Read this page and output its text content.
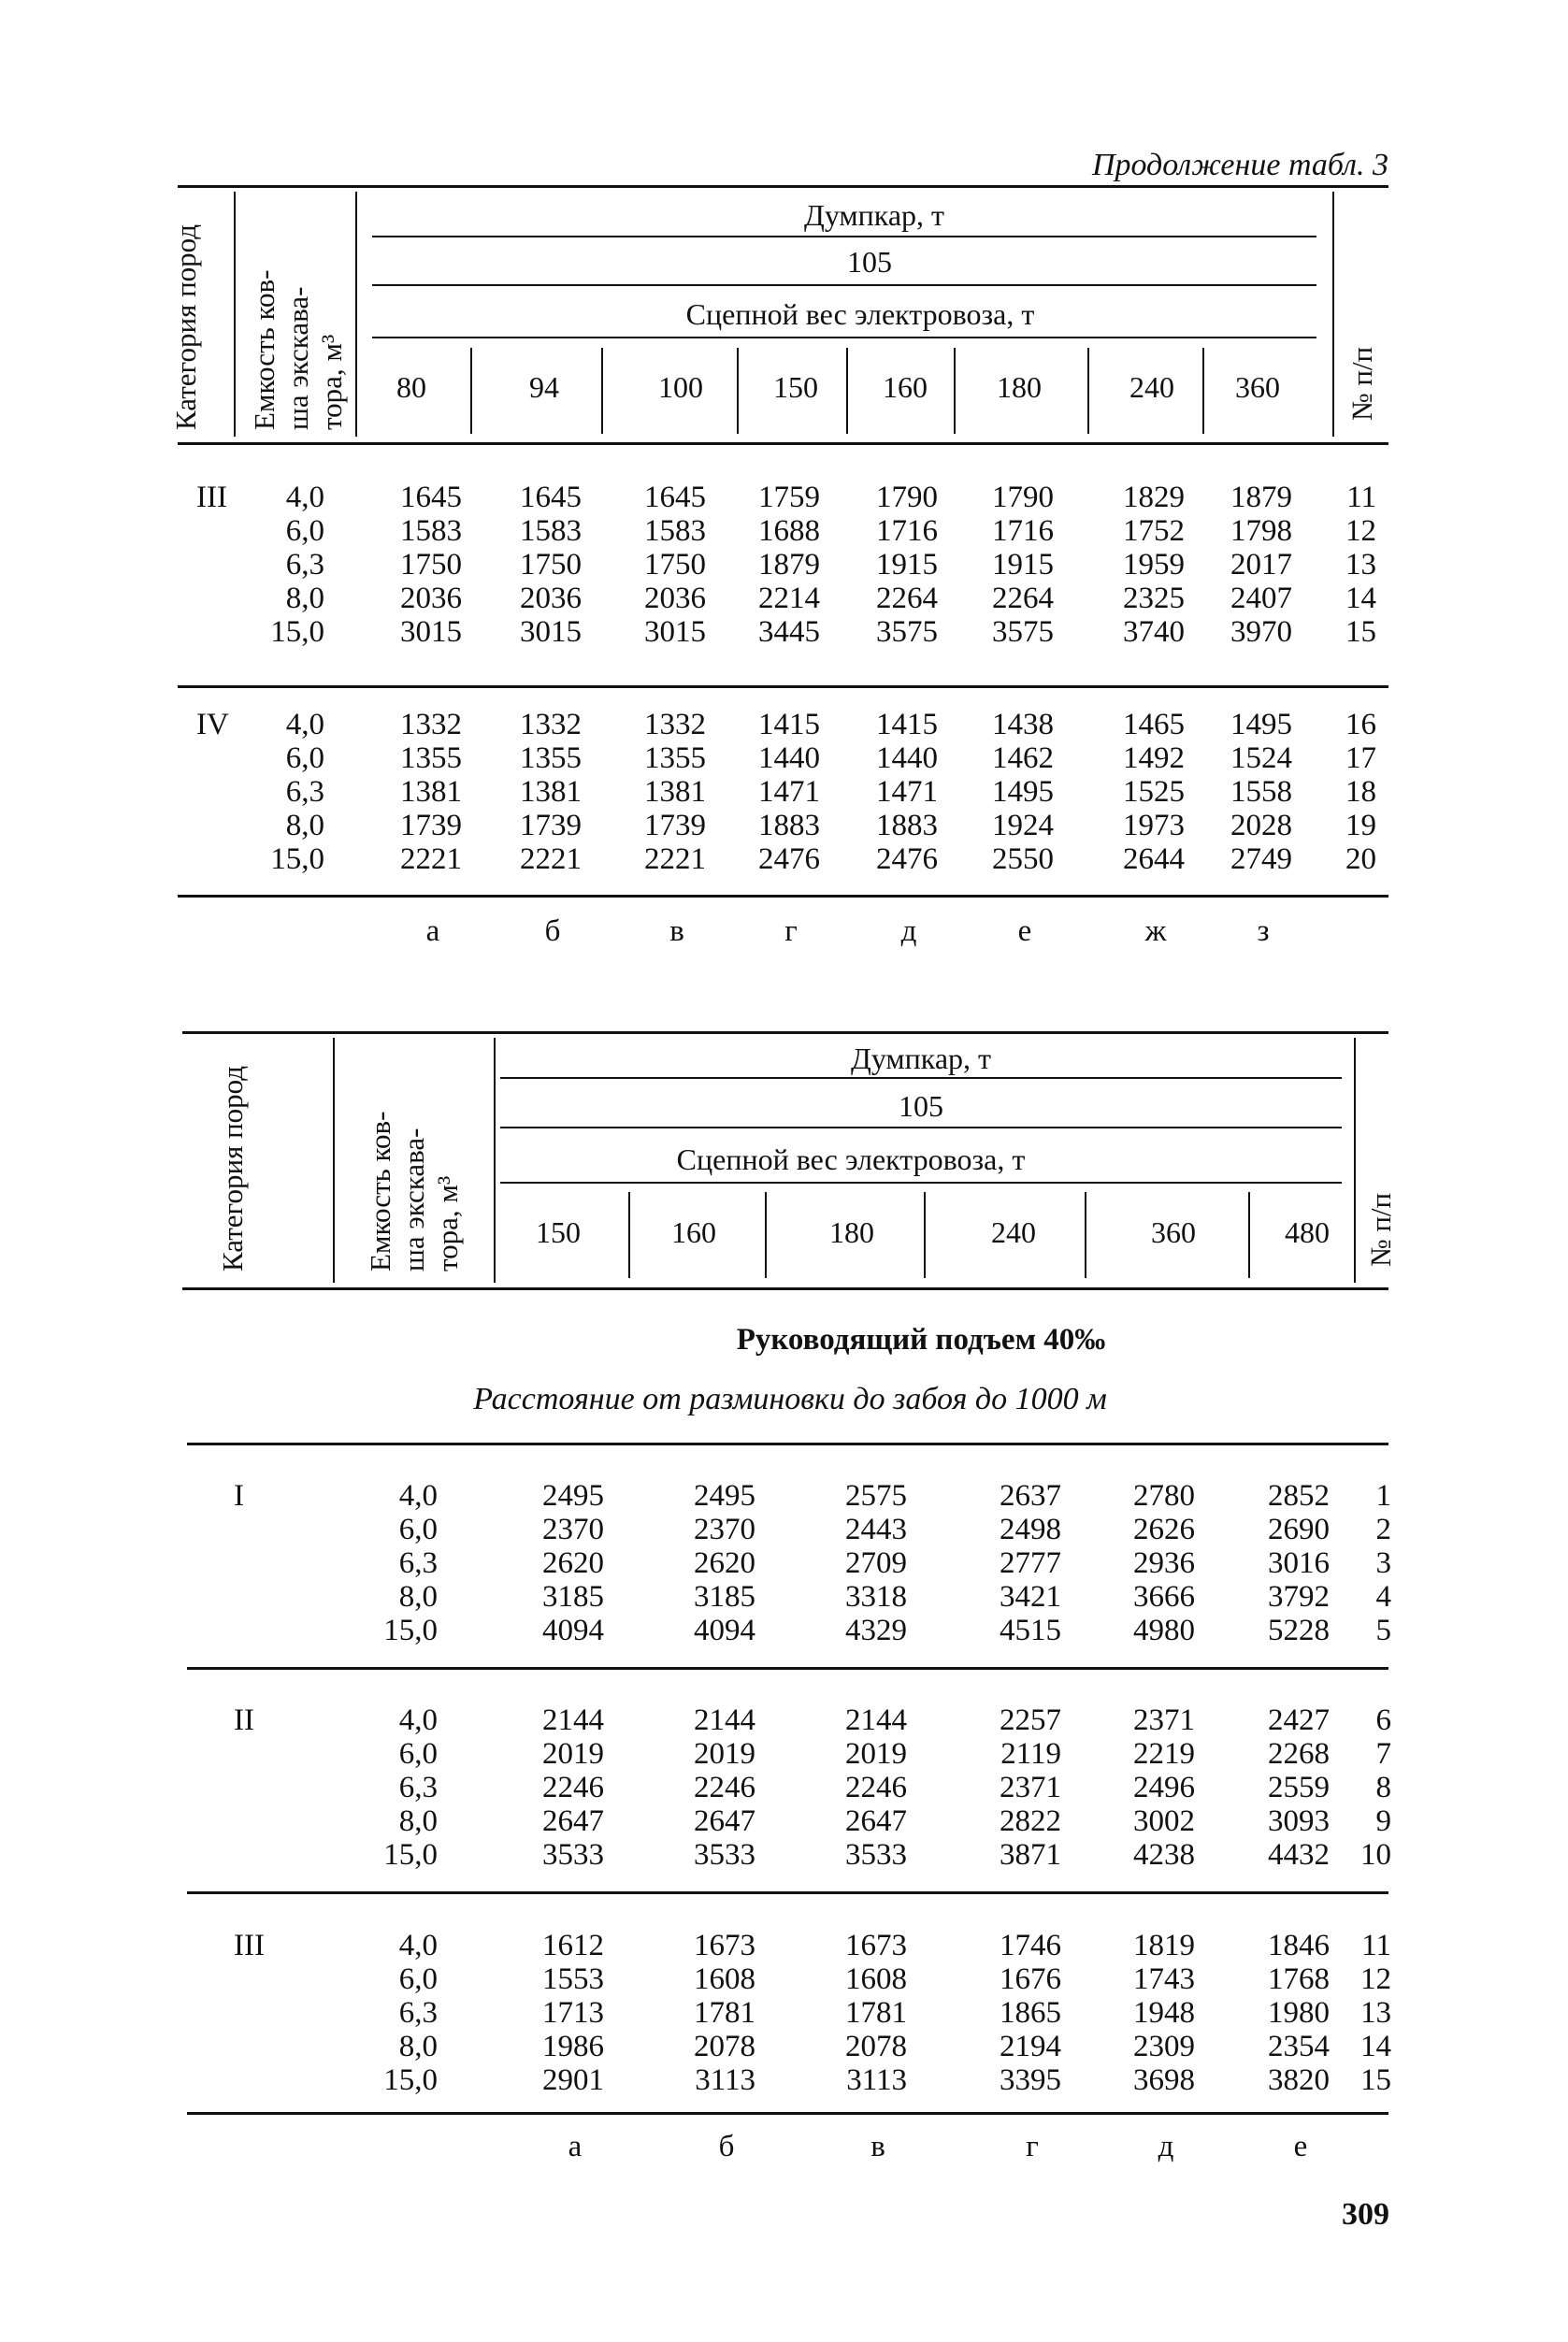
Продолжение табл. 3
Категория пород Емкость ков- ша экскава- тора, м³
Думпкар, т
105
Сцепной вес электровоза, т
80	94	100 150 160 180	240 360 № п/п
III 4,0 1645 1645 1645 1759 1790 1790 1829 1879 11
6,0 1583 1583 1583 1688 1716 1716 1752 1798 12
6,3 1750 1750 1750 1879 1915 1915 1959 2017 13
8,0 2036 2036 2036 2214 2264 2264 2325 2407 14
15,0 3015 3015 3015 3445 3575 3575 3740 3970 15
IV 4,0 1332 1332 1332 1415 1415 1438 1465 1495 16
6,0 1355 1355 1355 1440 1440 1462 1492 1524 17
6,3 1381 1381 1381 1471 1471 1495 1525 1558 18
8,0 1739 1739 1739 1883 1883 1924 1973 2028 19
15,0 2221 2221 2221 2476 2476 2550 2644 2749 20
а	б	в	г	д	е	ж	з
Категория пород	Емкость ков- ша экскава- тора, м³
Думпкар, т
105
Сцепной вес электровоза, т
150	160	180	240	360	480 № п/п
Руководящий подъем 40‰
Расстояние от разминовки до забоя до 1000 м
I	4,0	2495	2495	2575	2637 2780 2852 1
6,0	2370	2370	2443	2498 2626 2690 2
6,3	2620	2620	2709	2777 2936 3016 3
8,0	3185	3185	3318	3421 3666 3792 4
15,0	4094	4094	4329	4515 4980 5228 5
II	4,0	2144	2144	2144	2257 2371 2427 6
6,0	2019	2019	2019	2119 2219 2268 7
6,3	2246	2246	2246	2371 2496 2559 8
8,0	2647	2647	2647	2822 3002 3093 9
15,0	3533	3533	3533	3871 4238 4432 10
III	4,0	1612	1673	1673	1746 1819 1846 11
6,0	1553	1608	1608	1676 1743 1768 12
6,3	1713	1781	1781	1865 1948 1980 13
8,0	1986	2078	2078	2194 2309 2354 14
15,0	2901	3113	3113	3395 3698 3820 15
а	б	в	г	д	е
309
